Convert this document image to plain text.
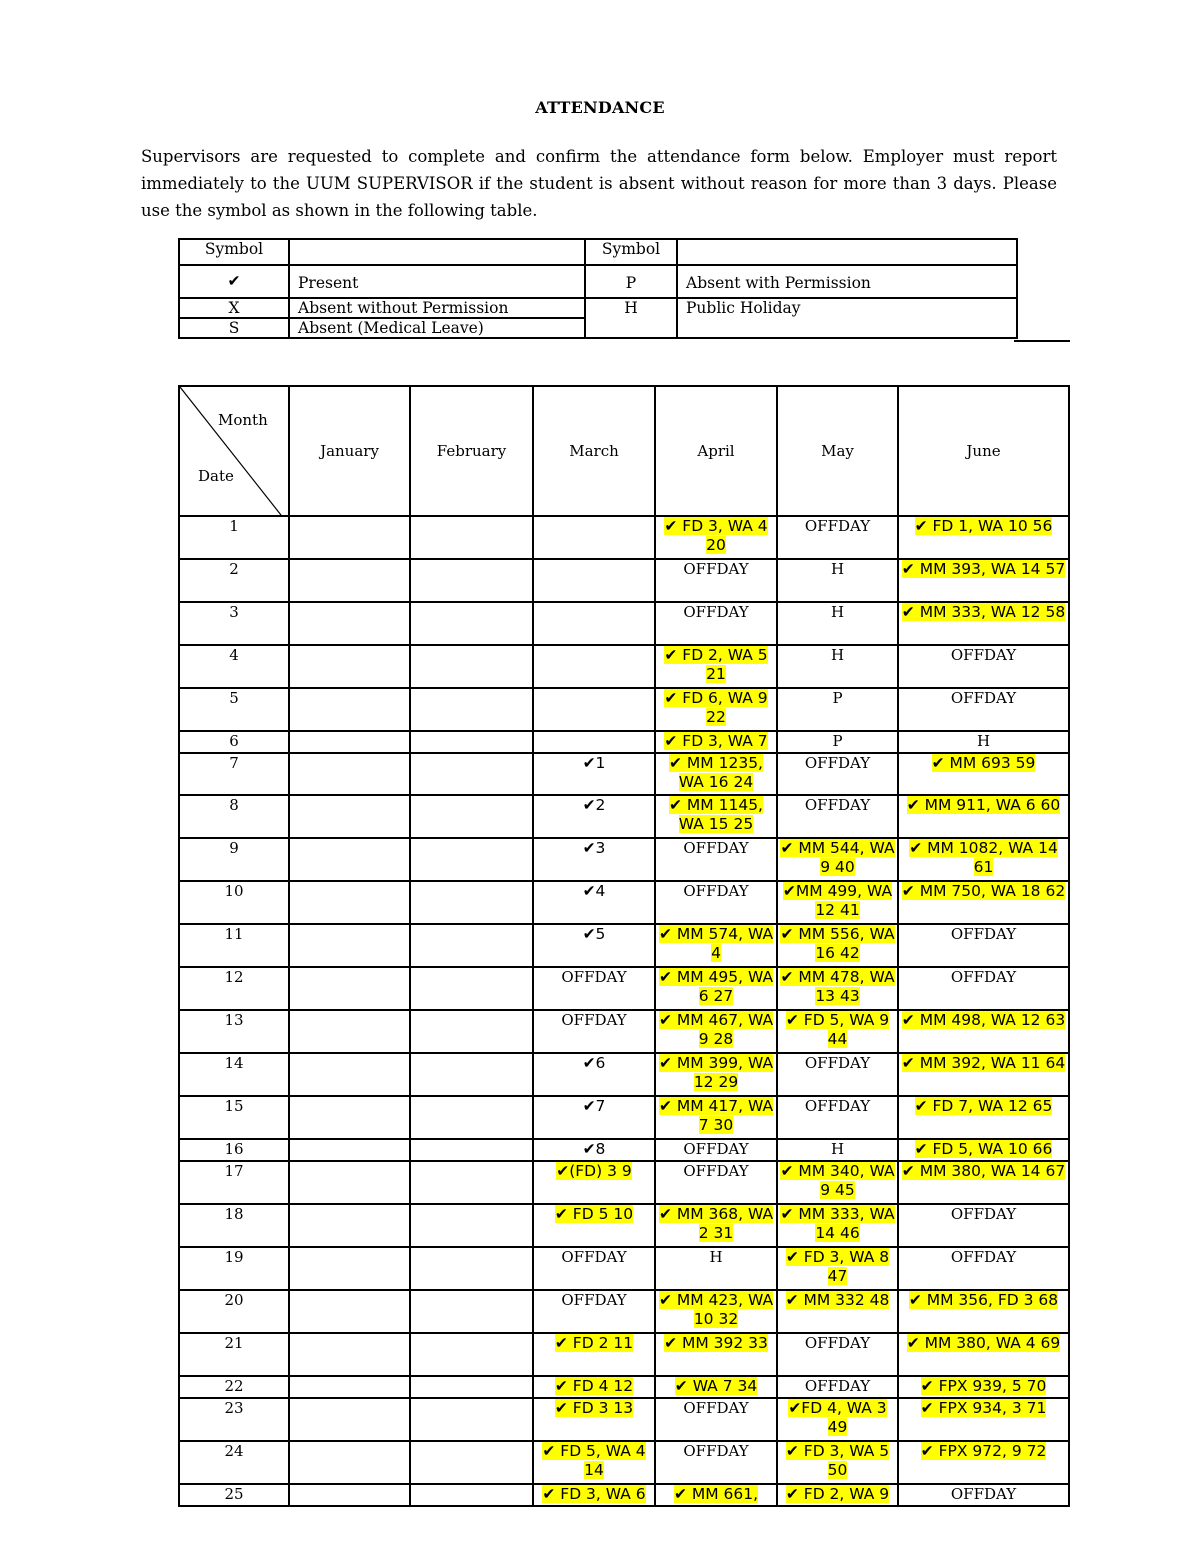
ATTENDANCE
Supervisors are requested to complete and confirm the attendance form below. Employer must report immediately to the UUM SUPERVISOR if the student is absent without reason for more than 3 days. Please use the symbol as shown in the following table.
Symbol		Symbol	
✔	Present	P	Absent with Permission
X	Absent without Permission	H	Public Holiday
S	Absent (Medical Leave)		
Month
Date	January	February	March	April	May	June
1				✔ FD 3, WA 4 20	OFFDAY	✔ FD 1, WA 10 56
2				OFFDAY	H	✔ MM 393, WA 14 57
3				OFFDAY	H	✔ MM 333, WA 12 58
4				✔ FD 2, WA 5 21	H	OFFDAY
5				✔ FD 6, WA 9 22	P	OFFDAY
6				✔ FD 3, WA 7	P	H
7			✔1	✔ MM 1235, WA 16 24	OFFDAY	✔ MM 693 59
8			✔2	✔ MM 1145, WA 15 25	OFFDAY	✔ MM 911, WA 6 60
9			✔3	OFFDAY	✔ MM 544, WA 9 40	✔ MM 1082, WA 14 61
10			✔4	OFFDAY	✔MM 499, WA 12 41	✔ MM 750, WA 18 62
11			✔5	✔ MM 574, WA 4	✔ MM 556, WA 16 42	OFFDAY
12			OFFDAY	✔ MM 495, WA 6 27	✔ MM 478, WA 13 43	OFFDAY
13			OFFDAY	✔ MM 467, WA 9 28	✔ FD 5, WA 9 44	✔ MM 498, WA 12 63
14			✔6	✔ MM 399, WA 12 29	OFFDAY	✔ MM 392, WA 11 64
15			✔7	✔ MM 417, WA 7 30	OFFDAY	✔ FD 7, WA 12 65
16			✔8	OFFDAY	H	✔ FD 5, WA 10 66
17			✔(FD) 3 9	OFFDAY	✔ MM 340, WA 9 45	✔ MM 380, WA 14 67
18			✔ FD 5 10	✔ MM 368, WA 2 31	✔ MM 333, WA 14 46	OFFDAY
19			OFFDAY	H	✔ FD 3, WA 8 47	OFFDAY
20			OFFDAY	✔ MM 423, WA 10 32	✔ MM 332 48	✔ MM 356, FD 3 68
21			✔ FD 2 11	✔ MM 392 33	OFFDAY	✔ MM 380, WA 4 69
22			✔ FD 4 12	✔ WA 7 34	OFFDAY	✔ FPX 939, 5 70
23			✔ FD 3 13	OFFDAY	✔FD 4, WA 3 49	✔ FPX 934, 3 71
24			✔ FD 5, WA 4 14	OFFDAY	✔ FD 3, WA 5 50	✔ FPX 972, 9 72
25			✔ FD 3, WA 6	✔ MM 661,	✔ FD 2, WA 9	OFFDAY
